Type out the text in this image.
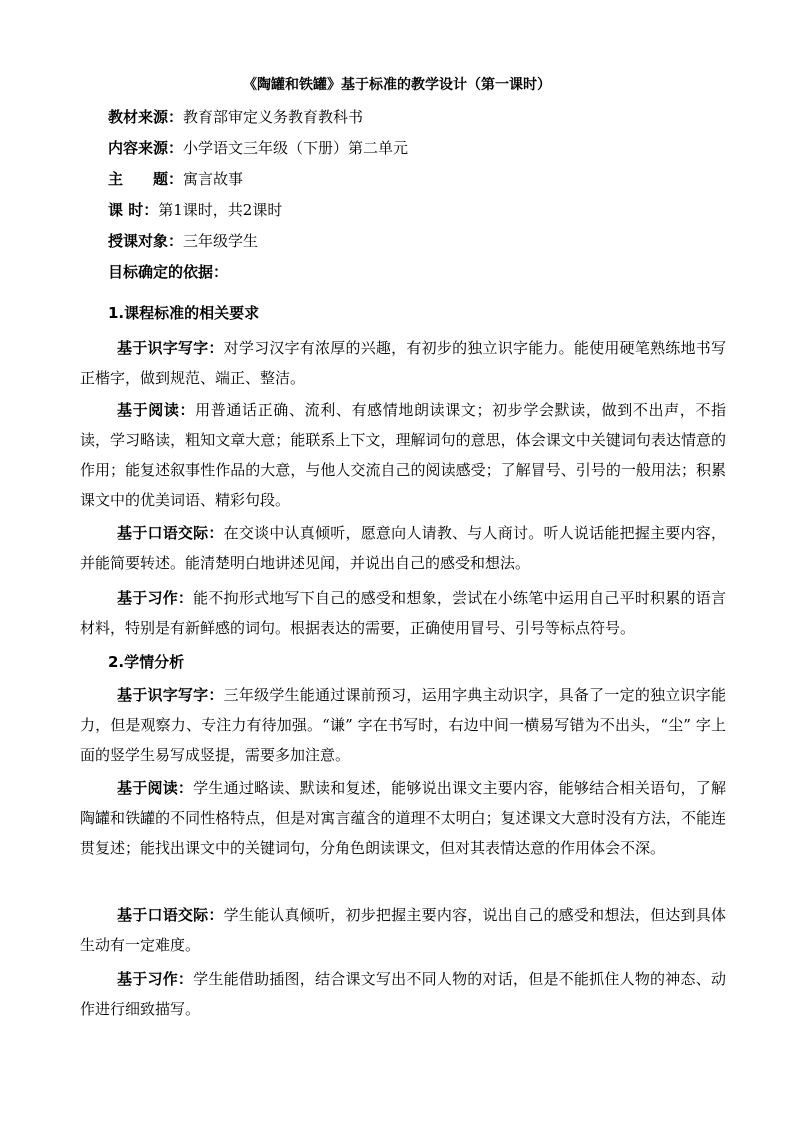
《陶罐和铁罐》基于标准的教学设计（第一课时）
教材来源：教育部审定义务教育教科书
内容来源：小学语文三年级（下册）第二单元
主　　题：寓言故事
课 时：第1课时，共2课时
授课对象：三年级学生
目标确定的依据：
1.课程标准的相关要求
基于识字写字：对学习汉字有浓厚的兴趣，有初步的独立识字能力。能使用硬笔熟练地书写正楷字，做到规范、端正、整洁。
基于阅读：用普通话正确、流利、有感情地朗读课文；初步学会默读，做到不出声，不指读，学习略读，粗知文章大意；能联系上下文，理解词句的意思，体会课文中关键词句表达情意的作用；能复述叙事性作品的大意，与他人交流自己的阅读感受；了解冒号、引号的一般用法；积累课文中的优美词语、精彩句段。
基于口语交际：在交谈中认真倾听，愿意向人请教、与人商讨。听人说话能把握主要内容，并能简要转述。能清楚明白地讲述见闻，并说出自己的感受和想法。
基于习作：能不拘形式地写下自己的感受和想象，尝试在小练笔中运用自己平时积累的语言材料，特别是有新鲜感的词句。根据表达的需要，正确使用冒号、引号等标点符号。
2.学情分析
基于识字写字：三年级学生能通过课前预习，运用字典主动识字，具备了一定的独立识字能力，但是观察力、专注力有待加强。“谦” 字在书写时，右边中间一横易写错为不出头，“尘” 字上面的竖学生易写成竖提，需要多加注意。
基于阅读：学生通过略读、默读和复述，能够说出课文主要内容，能够结合相关语句，了解陶罐和铁罐的不同性格特点，但是对寓言蕴含的道理不太明白；复述课文大意时没有方法，不能连贯复述；能找出课文中的关键词句，分角色朗读课文，但对其表情达意的作用体会不深。
基于口语交际：学生能认真倾听，初步把握主要内容，说出自己的感受和想法，但达到具体生动有一定难度。
基于习作：学生能借助插图，结合课文写出不同人物的对话，但是不能抓住人物的神态、动作进行细致描写。
